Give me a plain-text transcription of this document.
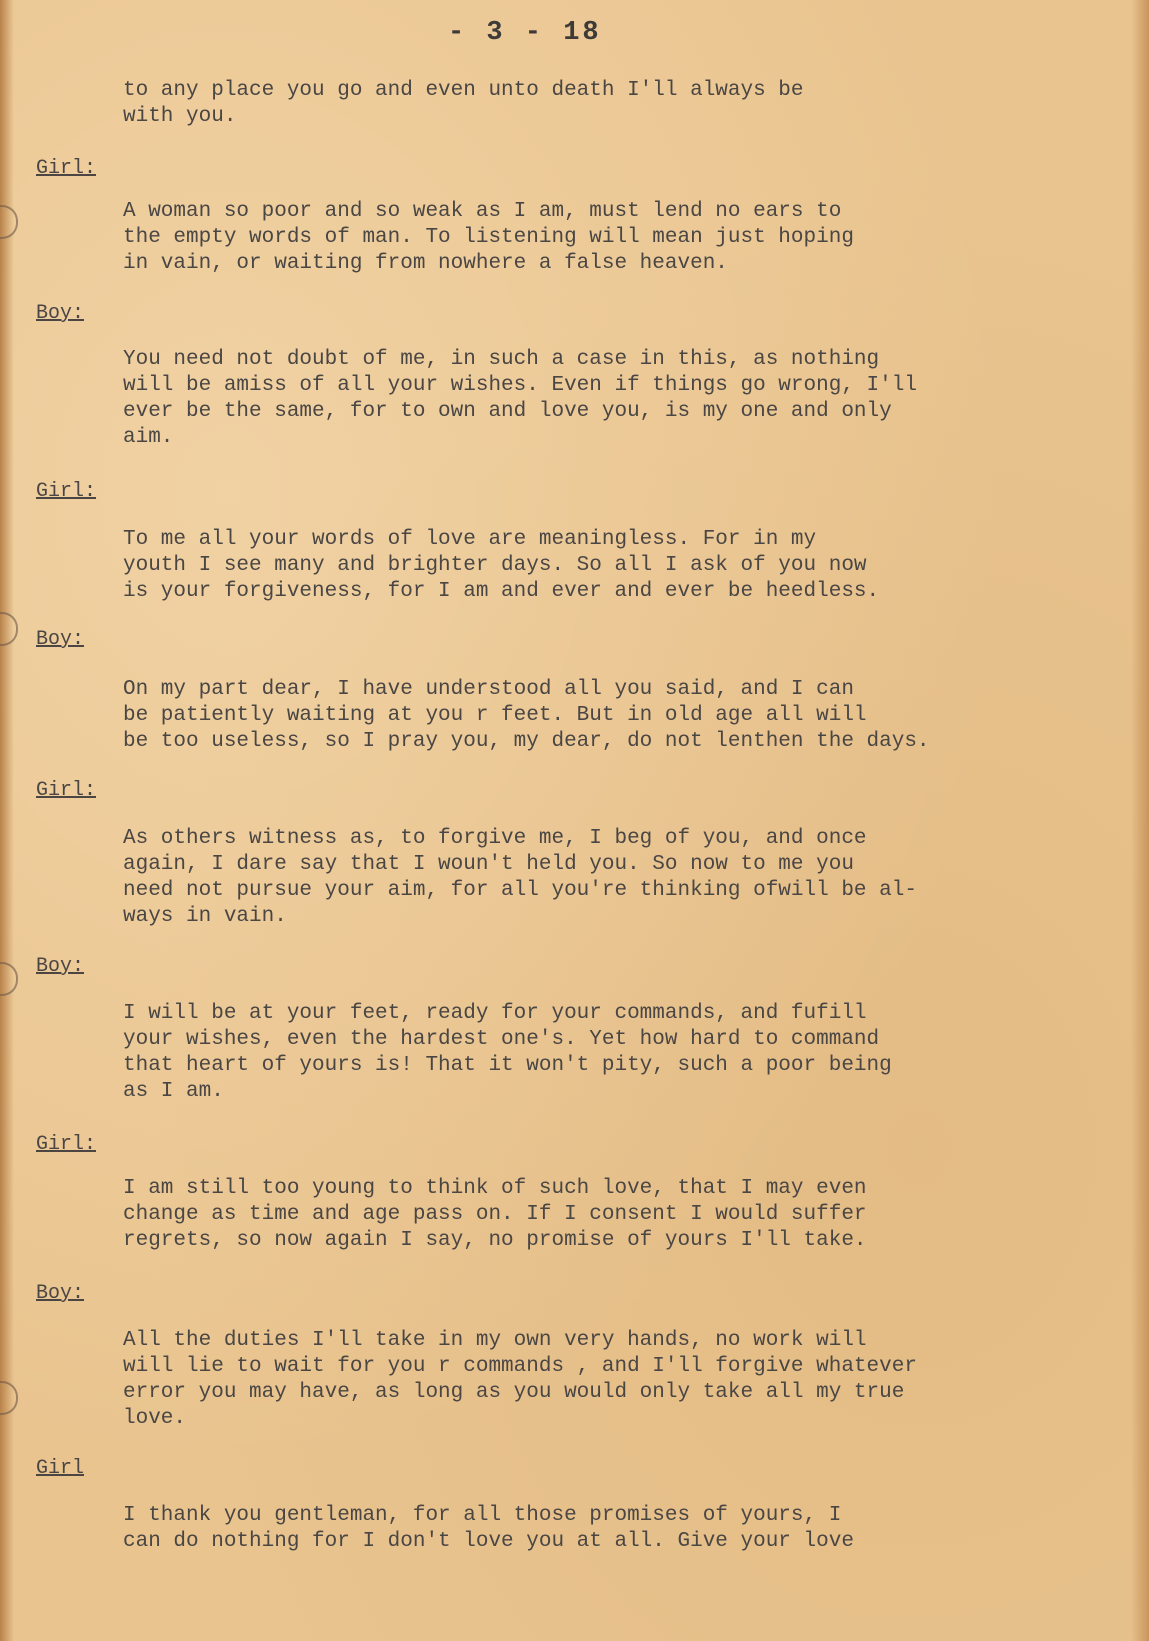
- 3 - 18

to any place you go and even unto death I'll always be
with you.

Girl:

A woman so poor and so weak as I am, must lend no ears to
the empty words of man. To listening will mean just hoping
in vain, or waiting from nowhere a false heaven.

Boy:

You need not doubt of me, in such a case in this, as nothing
will be amiss of all your wishes. Even if things go wrong, I'll
ever be the same, for to own and love you, is my one and only
aim.

Girl:

To me all your words of love are meaningless. For in my
youth I see many and brighter days. So all I ask of you now
is your forgiveness, for I am and ever and ever be heedless.

Boy:

On my part dear, I have understood all you said, and I can
be patiently waiting at you r feet. But in old age all will
be too useless, so I pray you, my dear, do not lenthen the days.

Girl:

As others witness as, to forgive me, I beg of you, and once
again, I dare say that I woun't held you. So now to me you
need not pursue your aim, for all you're thinking ofwill be al-
ways in vain.

Boy:

I will be at your feet, ready for your commands, and fufill
your wishes, even the hardest one's. Yet how hard to command
that heart of yours is! That it won't pity, such a poor being
as I am.

Girl:

I am still too young to think of such love, that I may even
change as time and age pass on. If I consent I would suffer
regrets, so now again I say, no promise of yours I'll take.

Boy:

All the duties I'll take in my own very hands, no work will
will lie to wait for you r commands , and I'll forgive whatever
error you may have, as long as you would only take all my true
love.

Girl

I thank you gentleman, for all those promises of yours, I
can do nothing for I don't love you at all. Give your love
